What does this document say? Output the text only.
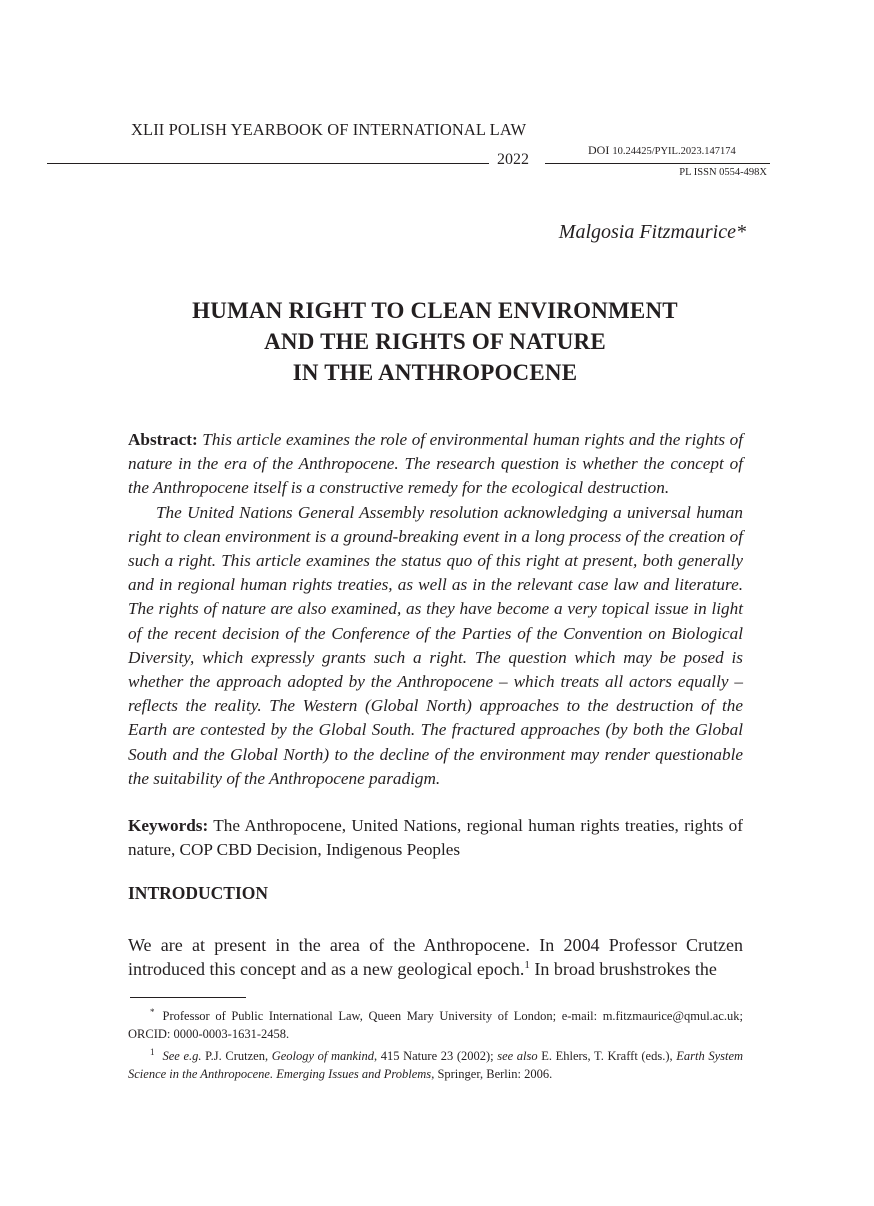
XLII POLISH YEARBOOK OF INTERNATIONAL LAW
2022
DOI 10.24425/PYIL.2023.147174
PL ISSN 0554-498X
Malgosia Fitzmaurice*
HUMAN RIGHT TO CLEAN ENVIRONMENT
AND THE RIGHTS OF NATURE
IN THE ANTHROPOCENE

Abstract: This article examines the role of environmental human rights and the rights of nature in the era of the Anthropocene. The research question is whether the concept of the Anthropocene itself is a constructive remedy for the ecological destruction.

The United Nations General Assembly resolution acknowledging a universal human right to clean environment is a ground-breaking event in a long process of the creation of such a right. This article examines the status quo of this right at present, both generally and in regional human rights treaties, as well as in the relevant case law and literature. The rights of nature are also examined, as they have become a very topical issue in light of the recent decision of the Conference of the Parties of the Convention on Biological Diversity, which expressly grants such a right. The question which may be posed is whether the approach adopted by the Anthropocene – which treats all actors equally – reflects the reality. The Western (Global North) approaches to the destruction of the Earth are contested by the Global South. The fractured approaches (by both the Global South and the Global North) to the decline of the environment may render questionable the suitability of the Anthropocene paradigm.

Keywords: The Anthropocene, United Nations, regional human rights treaties, rights of nature, COP CBD Decision, Indigenous Peoples
INTRODUCTION
We are at present in the area of the Anthropocene. In 2004 Professor Crutzen introduced this concept and as a new geological epoch.$^1$ In broad brushstrokes the

* Professor of Public International Law, Queen Mary University of London; e-mail: m.fitzmaurice@qmul.ac.uk; ORCID: 0000-0003-1631-2458.

$^1$ See e.g. P.J. Crutzen, Geology of mankind, 415 Nature 23 (2002); see also E. Ehlers, T. Krafft (eds.), Earth System Science in the Anthropocene. Emerging Issues and Problems, Springer, Berlin: 2006.
